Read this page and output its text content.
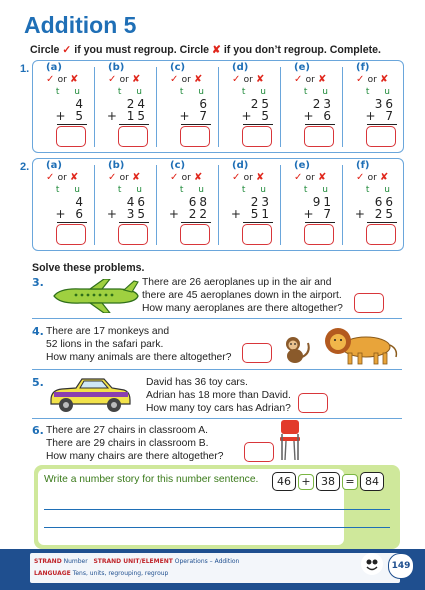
Addition 5
Circle ✓ if you must regroup. Circle ✘ if you don’t regroup. Complete.
1. (a)
✓ or ✘
t u
4
+ 5
(b)
✓ or ✘
t u
24
+ 15
(c)
✓ or ✘
t u
6
+ 7
(d)
✓ or ✘
t u
25
+ 5
(e)
✓ or ✘
t u
23
+ 6
(f)
✓ or ✘
t u
36
+ 7
2. (a)
✓ or ✘
t u
4
+ 6
(b)
✓ or ✘
t u
46
+ 35
(c)
✓ or ✘
t u
68
+ 22
(d)
✓ or ✘
t u
23
+ 51
(e)
✓ or ✘
t u
91
+ 7
(f)
✓ or ✘
t u
66
+ 25
Solve these problems.
There are 26 aeroplanes up in the air and
there are 45 aeroplanes down in the airport.
How many aeroplanes are there altogether?
3.
There are 17 monkeys and
52 lions in the safari park.
How many animals are there altogether?
4.
David has 36 toy cars.
Adrian has 18 more than David.
How many toy cars has Adrian?
5.
There are 27 chairs in classroom A.
There are 29 chairs in classroom B.
How many chairs are there altogether?
6.
Write a number story for this number sentence.	46 + 38 = 84
STRAND Number STRAND UNIT/ELEMENT Operations – Addition
LANGUAGE Tens, units, regrouping, regroup
149
